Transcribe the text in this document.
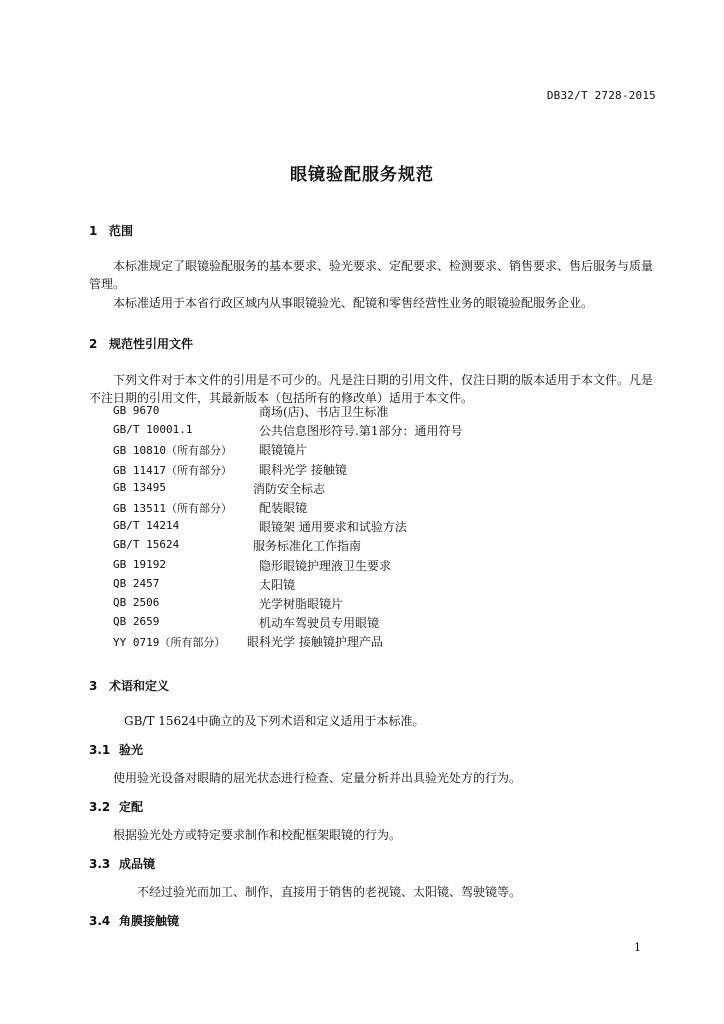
DB32/T 2728-2015
眼镜验配服务规范
1 范围

本标准规定了眼镜验配服务的基本要求、验光要求、定配要求、检测要求、销售要求、售后服务与质量管理。

本标准适用于本省行政区域内从事眼镜验光、配镜和零售经营性业务的眼镜验配服务企业。

2 规范性引用文件

下列文件对于本文件的引用是不可少的。凡是注日期的引用文件，仅注日期的版本适用于本文件。凡是不注日期的引用文件，其最新版本（包括所有的修改单）适用于本文件。

GB 9670	商场(店)、书店卫生标准
GB/T 10001.1	公共信息图形符号.第1部分：通用符号
GB 10810（所有部分） 眼镜镜片
GB 11417（所有部分） 眼科光学 接触镜
GB 13495	消防安全标志
GB 13511（所有部分） 配装眼镜
GB/T 14214	眼镜架 通用要求和试验方法
GB/T 15624	服务标准化工作指南
GB 19192	隐形眼镜护理液卫生要求
QB 2457	太阳镜
QB 2506	光学树脂眼镜片
QB 2659	机动车驾驶员专用眼镜
YY 0719（所有部分） 眼科光学 接触镜护理产品
3 术语和定义

GB/T 15624中确立的及下列术语和定义适用于本标准。

3.1 验光

使用验光设备对眼睛的屈光状态进行检查、定量分析并出具验光处方的行为。

3.2 定配

根据验光处方或特定要求制作和校配框架眼镜的行为。

3.3 成品镜

不经过验光而加工、制作，直接用于销售的老视镜、太阳镜、驾驶镜等。

3.4 角膜接触镜
1
